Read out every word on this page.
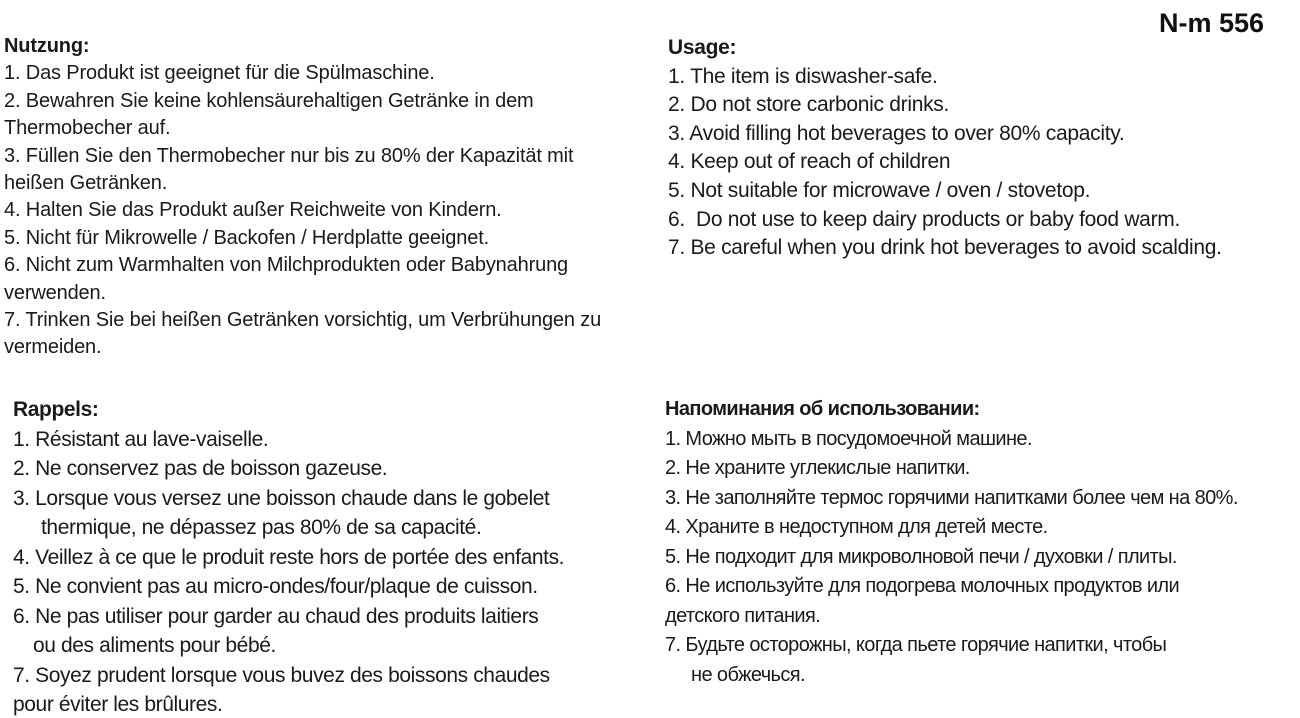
N-m 556
Nutzung:
1. Das Produkt ist geeignet für die Spülmaschine.
2. Bewahren Sie keine kohlensäurehaltigen Getränke in dem
Thermobecher auf.
3. Füllen Sie den Thermobecher nur bis zu 80% der Kapazität mit
heißen Getränken.
4. Halten Sie das Produkt außer Reichweite von Kindern.
5. Nicht für Mikrowelle / Backofen / Herdplatte geeignet.
6. Nicht zum Warmhalten von Milchprodukten oder Babynahrung
verwenden.
7. Trinken Sie bei heißen Getränken vorsichtig, um Verbrühungen zu
vermeiden.
Usage:
1. The item is diswasher-safe.
2. Do not store carbonic drinks.
3. Avoid filling hot beverages to over 80% capacity.
4. Keep out of reach of children
5. Not suitable for microwave / oven / stovetop.
6.  Do not use to keep dairy products or baby food warm.
7. Be careful when you drink hot beverages to avoid scalding.
Rappels:
1. Résistant au lave-vaiselle.
2. Ne conservez pas de boisson gazeuse.
3. Lorsque vous versez une boisson chaude dans le gobelet
thermique, ne dépassez pas 80% de sa capacité.
4. Veillez à ce que le produit reste hors de portée des enfants.
5. Ne convient pas au micro-ondes/four/plaque de cuisson.
6. Ne pas utiliser pour garder au chaud des produits laitiers
ou des aliments pour bébé.
7. Soyez prudent lorsque vous buvez des boissons chaudes
pour éviter les brûlures.
Напоминания об использовании:
1. Можно мыть в посудомоечной машине.
2. Не храните углекислые напитки.
3. Не заполняйте термос горячими напитками более чем на 80%.
4. Храните в недоступном для детей месте.
5. Не подходит для микроволновой печи / духовки / плиты.
6. Не используйте для подогрева молочных продуктов или
детского питания.
7. Будьте осторожны, когда пьете горячие напитки, чтобы
не обжечься.
